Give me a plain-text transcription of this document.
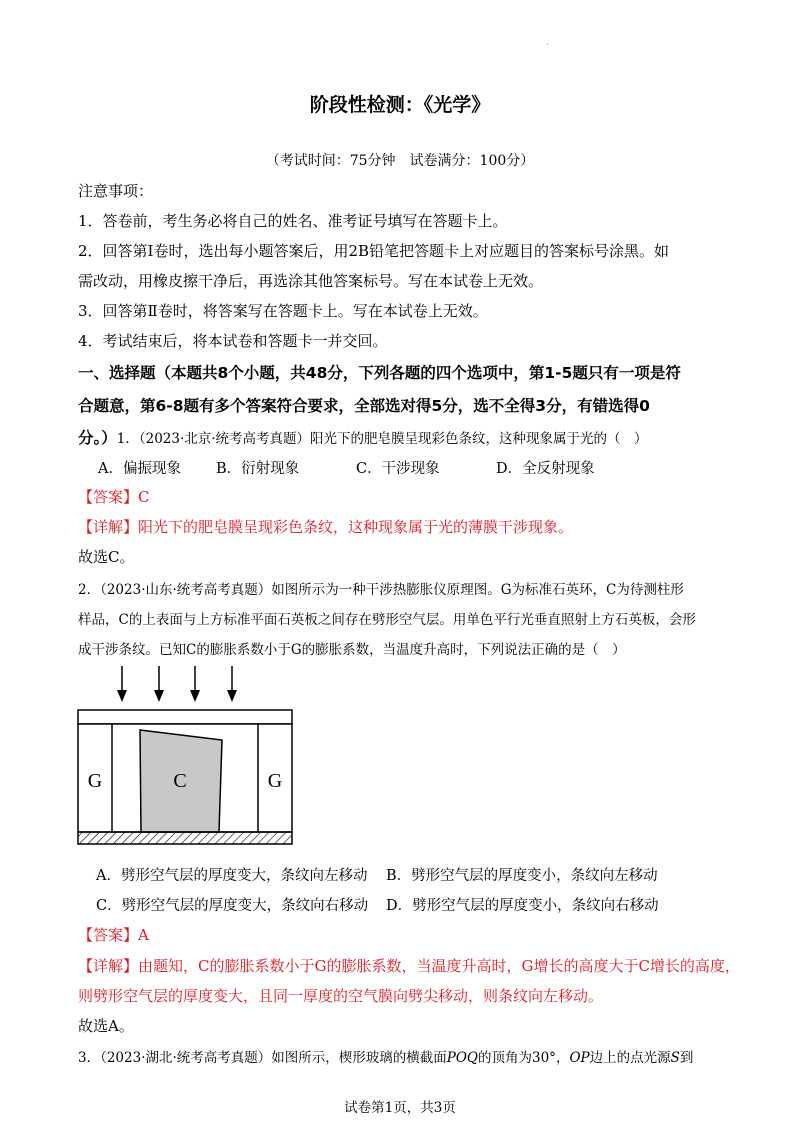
·
阶段性检测：《光学》
（考试时间：75分钟　试卷满分：100分）
注意事项：
1．答卷前，考生务必将自己的姓名、准考证号填写在答题卡上。
2．回答第Ⅰ卷时，选出每小题答案后，用2B铅笔把答题卡上对应题目的答案标号涂黑。如
需改动，用橡皮擦干净后，再选涂其他答案标号。写在本试卷上无效。
3．回答第Ⅱ卷时，将答案写在答题卡上。写在本试卷上无效。
4．考试结束后，将本试卷和答题卡一并交回。
一、选择题（本题共8个小题，共48分，下列各题的四个选项中，第1-5题只有一项是符
合题意，第6-8题有多个答案符合要求，全部选对得5分，选不全得3分，有错选得0
分。）1．（2023·北京·统考高考真题）阳光下的肥皂膜呈现彩色条纹，这种现象属于光的（　）
A．偏振现象 B．衍射现象	C．干涉现象	D．全反射现象
【答案】C
【详解】阳光下的肥皂膜呈现彩色条纹，这种现象属于光的薄膜干涉现象。
故选C。
2．（2023·山东·统考高考真题）如图所示为一种干涉热膨胀仪原理图。G为标准石英环，C为待测柱形
样品，C的上表面与上方标准平面石英板之间存在劈形空气层。用单色平行光垂直照射上方石英板，会形
成干涉条纹。已知C的膨胀系数小于G的膨胀系数，当温度升高时，下列说法正确的是（　）
G	C	G
A．劈形空气层的厚度变大，条纹向左移动 B．劈形空气层的厚度变小，条纹向左移动
C．劈形空气层的厚度变大，条纹向右移动 D．劈形空气层的厚度变小，条纹向右移动
【答案】A
【详解】由题知，C的膨胀系数小于G的膨胀系数，当温度升高时，G增长的高度大于C增长的高度，
则劈形空气层的厚度变大，且同一厚度的空气膜向劈尖移动，则条纹向左移动。
故选A。
3．（2023·湖北·统考高考真题）如图所示，楔形玻璃的横截面POQ的顶角为30°，OP边上的点光源S到
试卷第1页，共3页
